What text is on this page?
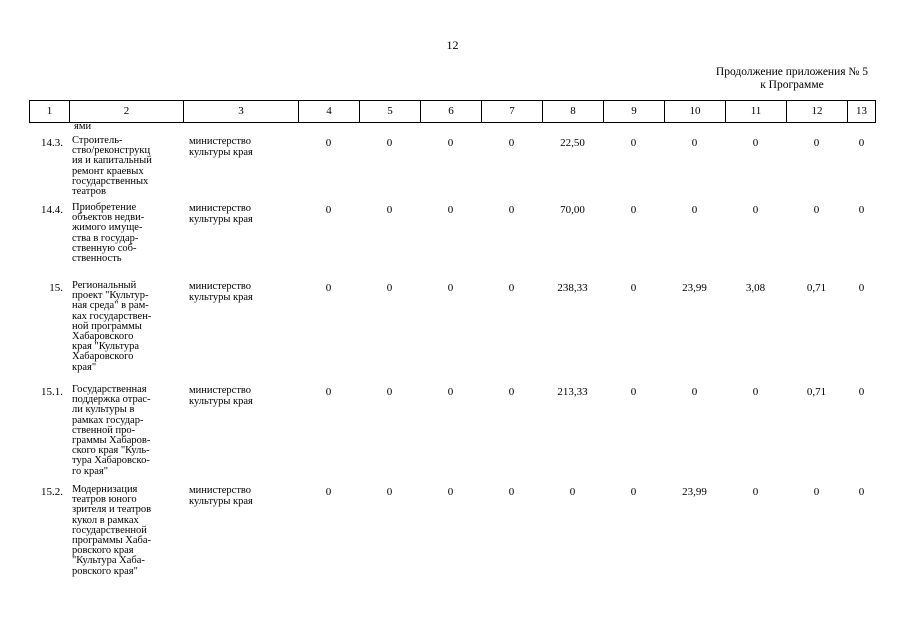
12
Продолжение приложения № 5
к Программе
1	2	3	4	5	6	7	8	9	10	11	12	13
ями
14.3. Строитель-
ство/реконструкц
ия и капитальный
ремонт краевых
государственных
театров
министерство
культуры края
0	0	0	0	22,50	0	0	0	0	0
14.4. Приобретение
объектов недви-
жимого имуще-
ства в государ-
ственную соб-
ственность
министерство
культуры края
0	0	0	0	70,00	0	0	0	0	0
15. Региональный
проект "Культур-
ная среда" в рам-
ках государствен-
ной программы
Хабаровского
края "Культура
Хабаровского
края"
министерство
культуры края
0	0	0	0	238,33	0	23,99	3,08	0,71	0
15.1. Государственная
поддержка отрас-
ли культуры в
рамках государ-
ственной про-
граммы Хабаров-
ского края "Куль-
тура Хабаровско-
го края"
министерство
культуры края
0	0	0	0	213,33	0	0	0	0,71	0
15.2. Модернизация
театров юного
зрителя и театров
кукол в рамках
государственной
программы Хаба-
ровского края
"Культура Хаба-
ровского края"
министерство
культуры края
0	0	0	0	0	0	23,99	0	0	0
